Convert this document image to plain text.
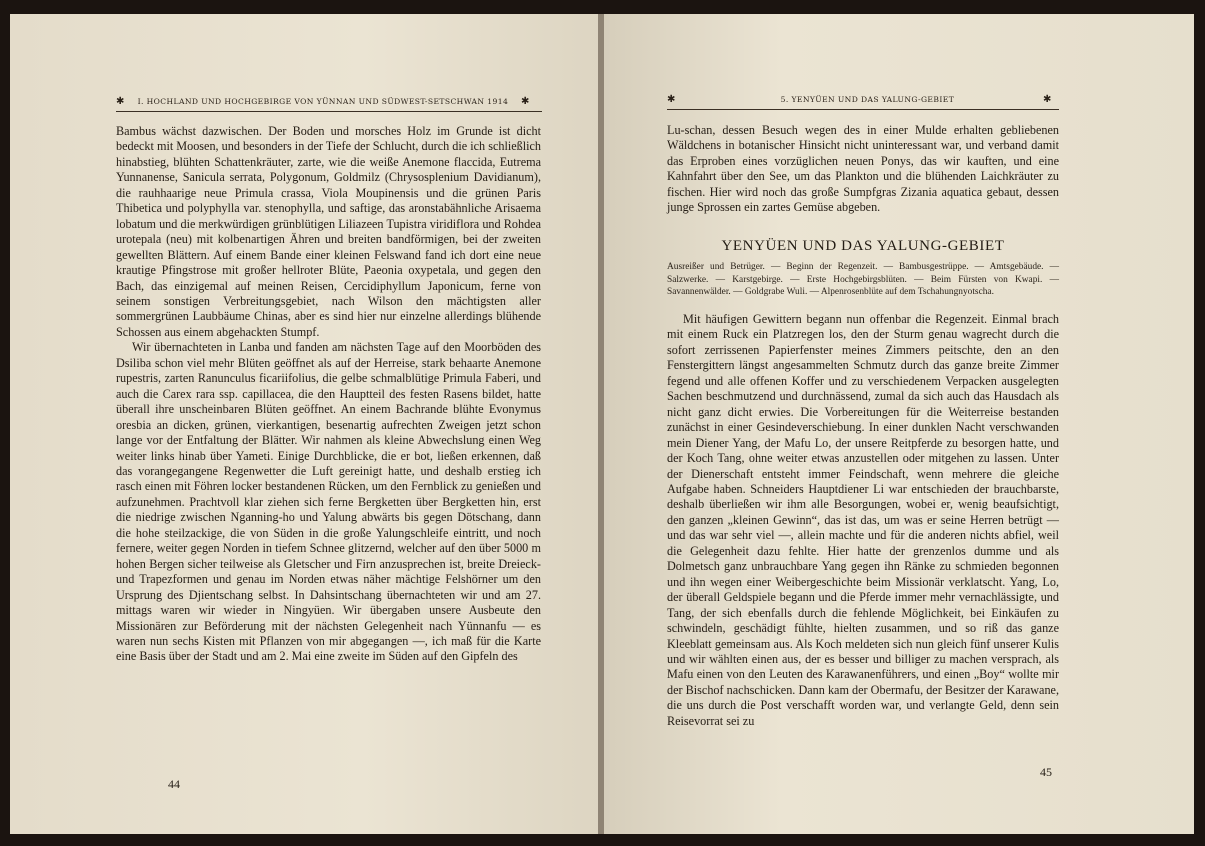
✱ I. HOCHLAND UND HOCHGEBIRGE VON YÜNNAN UND SÜDWEST-SETSCHWAN 1914 ✱

Bambus wächst dazwischen. Der Boden und morsches Holz im Grunde ist dicht bedeckt mit Moosen, und besonders in der Tiefe der Schlucht, durch die ich schließlich hinabstieg, blühten Schattenkräuter, zarte, wie die weiße Anemone flaccida, Eutrema Yunnanense, Sanicula serrata, Polygonum, Goldmilz (Chrysosplenium Davidianum), die rauhhaarige neue Primula crassa, Viola Moupinensis und die grünen Paris Thibetica und polyphylla var. stenophylla, und saftige, das aronstabähnliche Arisaema lobatum und die merkwürdigen grünblütigen Liliazeen Tupistra viridiflora und Rohdea urotepala (neu) mit kolbenartigen Ähren und breiten bandförmigen, bei der zweiten gewellten Blättern. Auf einem Bande einer kleinen Felswand fand ich dort eine neue krautige Pfingstrose mit großer hellroter Blüte, Paeonia oxypetala, und gegen den Bach, das einzigemal auf meinen Reisen, Cercidiphyllum Japonicum, ferne von seinem sonstigen Verbreitungsgebiet, nach Wilson den mächtigsten aller sommergrünen Laubbäume Chinas, aber es sind hier nur einzelne allerdings blühende Schossen aus einem abgehackten Stumpf.

Wir übernachteten in Lanba und fanden am nächsten Tage auf den Moorböden des Dsiliba schon viel mehr Blüten geöffnet als auf der Herreise, stark behaarte Anemone rupestris, zarten Ranunculus ficariifolius, die gelbe schmalblütige Primula Faberi, und auch die Carex rara ssp. capillacea, die den Hauptteil des festen Rasens bildet, hatte überall ihre unscheinbaren Blüten geöffnet. An einem Bachrande blühte Evonymus oresbia an dicken, grünen, vierkantigen, besenartig aufrechten Zweigen jetzt schon lange vor der Entfaltung der Blätter. Wir nahmen als kleine Abwechslung einen Weg weiter links hinab über Yameti. Einige Durchblicke, die er bot, ließen erkennen, daß das vorangegangene Regenwetter die Luft gereinigt hatte, und deshalb erstieg ich rasch einen mit Föhren locker bestandenen Rücken, um den Fernblick zu genießen und aufzunehmen. Prachtvoll klar ziehen sich ferne Bergketten über Bergketten hin, erst die niedrige zwischen Nganning-ho und Yalung abwärts bis gegen Dötschang, dann die hohe steilzackige, die von Süden in die große Yalungschleife eintritt, und noch fernere, weiter gegen Norden in tiefem Schnee glitzernd, welcher auf den über 5000 m hohen Bergen sicher teilweise als Gletscher und Firn anzusprechen ist, breite Dreieck- und Trapezformen und genau im Norden etwas näher mächtige Felshörner um den Ursprung des Djientschang selbst. In Dahsintschang übernachteten wir und am 27. mittags waren wir wieder in Ningyüen. Wir übergaben unsere Ausbeute den Missionären zur Beförderung mit der nächsten Gelegenheit nach Yünnanfu — es waren nun sechs Kisten mit Pflanzen von mir abgegangen —, ich maß für die Karte eine Basis über der Stadt und am 2. Mai eine zweite im Süden auf den Gipfeln des

44
✱	5. YENYÜEN UND DAS YALUNG-GEBIET	✱

Lu-schan, dessen Besuch wegen des in einer Mulde erhalten gebliebenen Wäldchens in botanischer Hinsicht nicht uninteressant war, und verband damit das Erproben eines vorzüglichen neuen Ponys, das wir kauften, und eine Kahnfahrt über den See, um das Plankton und die blühenden Laichkräuter zu fischen. Hier wird noch das große Sumpfgras Zizania aquatica gebaut, dessen junge Sprossen ein zartes Gemüse abgeben.

YENYÜEN UND DAS YALUNG-GEBIET
Ausreißer und Betrüger. — Beginn der Regenzeit. — Bambusgestrüppe. — Amtsgebäude. — Salzwerke. — Karstgebirge. — Erste Hochgebirgsblüten. — Beim Fürsten von Kwapi. — Savannenwälder. — Goldgrabe Wuli. — Alpenrosenblüte auf dem Tschahungnyotscha.

Mit häufigen Gewittern begann nun offenbar die Regenzeit. Einmal brach mit einem Ruck ein Platzregen los, den der Sturm genau wagrecht durch die sofort zerrissenen Papierfenster meines Zimmers peitschte, den an den Fenstergittern längst angesammelten Schmutz durch das ganze breite Zimmer fegend und alle offenen Koffer und zu verschiedenem Verpacken ausgelegten Sachen beschmutzend und durchnässend, zumal da sich auch das Hausdach als nicht ganz dicht erwies. Die Vorbereitungen für die Weiterreise bestanden zunächst in einer Gesindeverschiebung. In einer dunklen Nacht verschwanden mein Diener Yang, der Mafu Lo, der unsere Reitpferde zu besorgen hatte, und der Koch Tang, ohne weiter etwas anzustellen oder mitgehen zu lassen. Unter der Dienerschaft entsteht immer Feindschaft, wenn mehrere die gleiche Aufgabe haben. Schneiders Hauptdiener Li war entschieden der brauchbarste, deshalb überließen wir ihm alle Besorgungen, wobei er, wenig beaufsichtigt, den ganzen „kleinen Gewinn“, das ist das, um was er seine Herren betrügt — und das war sehr viel —, allein machte und für die anderen nichts abfiel, weil die Gelegenheit dazu fehlte. Hier hatte der grenzenlos dumme und als Dolmetsch ganz unbrauchbare Yang gegen ihn Ränke zu schmieden begonnen und ihn wegen einer Weibergeschichte beim Missionär verklatscht. Yang, Lo, der überall Geldspiele begann und die Pferde immer mehr vernachlässigte, und Tang, der sich ebenfalls durch die fehlende Möglichkeit, bei Einkäufen zu schwindeln, geschädigt fühlte, hielten zusammen, und so riß das ganze Kleeblatt gemeinsam aus. Als Koch meldeten sich nun gleich fünf unserer Kulis und wir wählten einen aus, der es besser und billiger zu machen versprach, als Mafu einen von den Leuten des Karawanenführers, und einen „Boy“ wollte mir der Bischof nachschicken. Dann kam der Obermafu, der Besitzer der Karawane, die uns durch die Post verschafft worden war, und verlangte Geld, denn sein Reisevorrat sei zu

45
